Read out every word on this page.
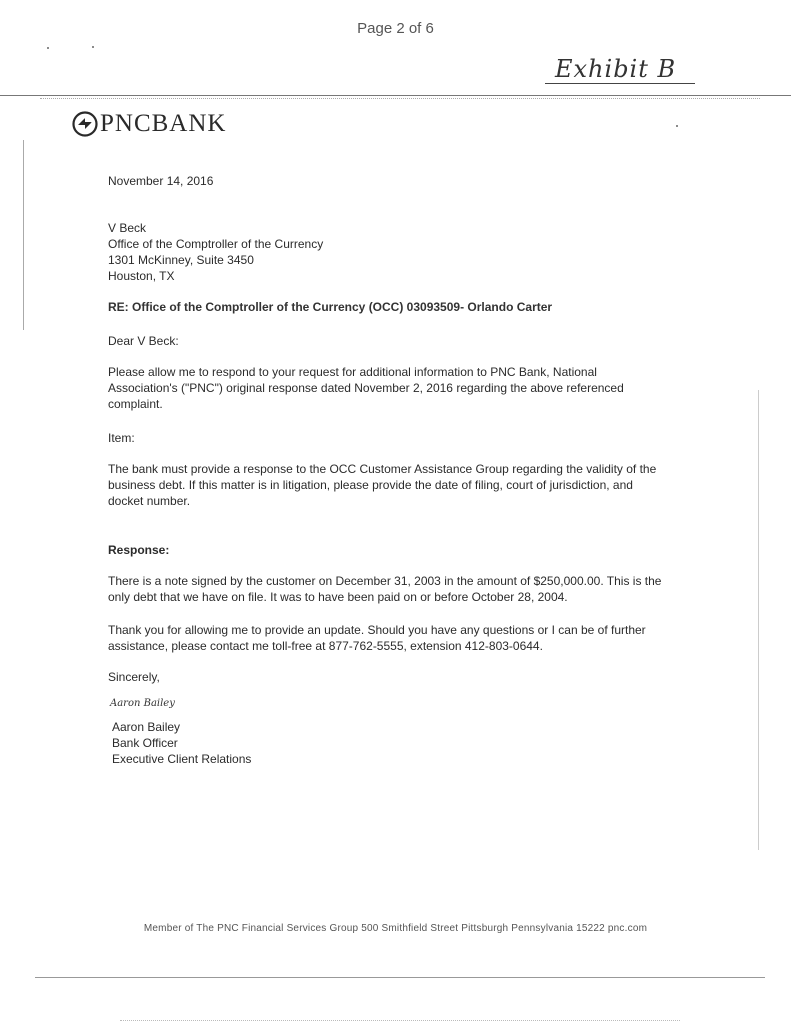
Page 2 of 6
Exhibit B
PNCBANK
November 14, 2016
V Beck
Office of the Comptroller of the Currency
1301 McKinney, Suite 3450
Houston, TX
RE: Office of the Comptroller of the Currency (OCC) 03093509- Orlando Carter
Dear V Beck:
Please allow me to respond to your request for additional information to PNC Bank, National
Association's ("PNC") original response dated November 2, 2016 regarding the above referenced
complaint.
Item:
The bank must provide a response to the OCC Customer Assistance Group regarding the validity of the
business debt. If this matter is in litigation, please provide the date of filing, court of jurisdiction, and
docket number.
Response:
There is a note signed by the customer on December 31, 2003 in the amount of $250,000.00. This is the
only debt that we have on file. It was to have been paid on or before October 28, 2004.
Thank you for allowing me to provide an update. Should you have any questions or I can be of further
assistance, please contact me toll-free at 877-762-5555, extension 412-803-0644.
Sincerely,
Aaron Bailey
Aaron Bailey
Bank Officer
Executive Client Relations
Member of The PNC Financial Services Group 500 Smithfield Street Pittsburgh Pennsylvania 15222 pnc.com
